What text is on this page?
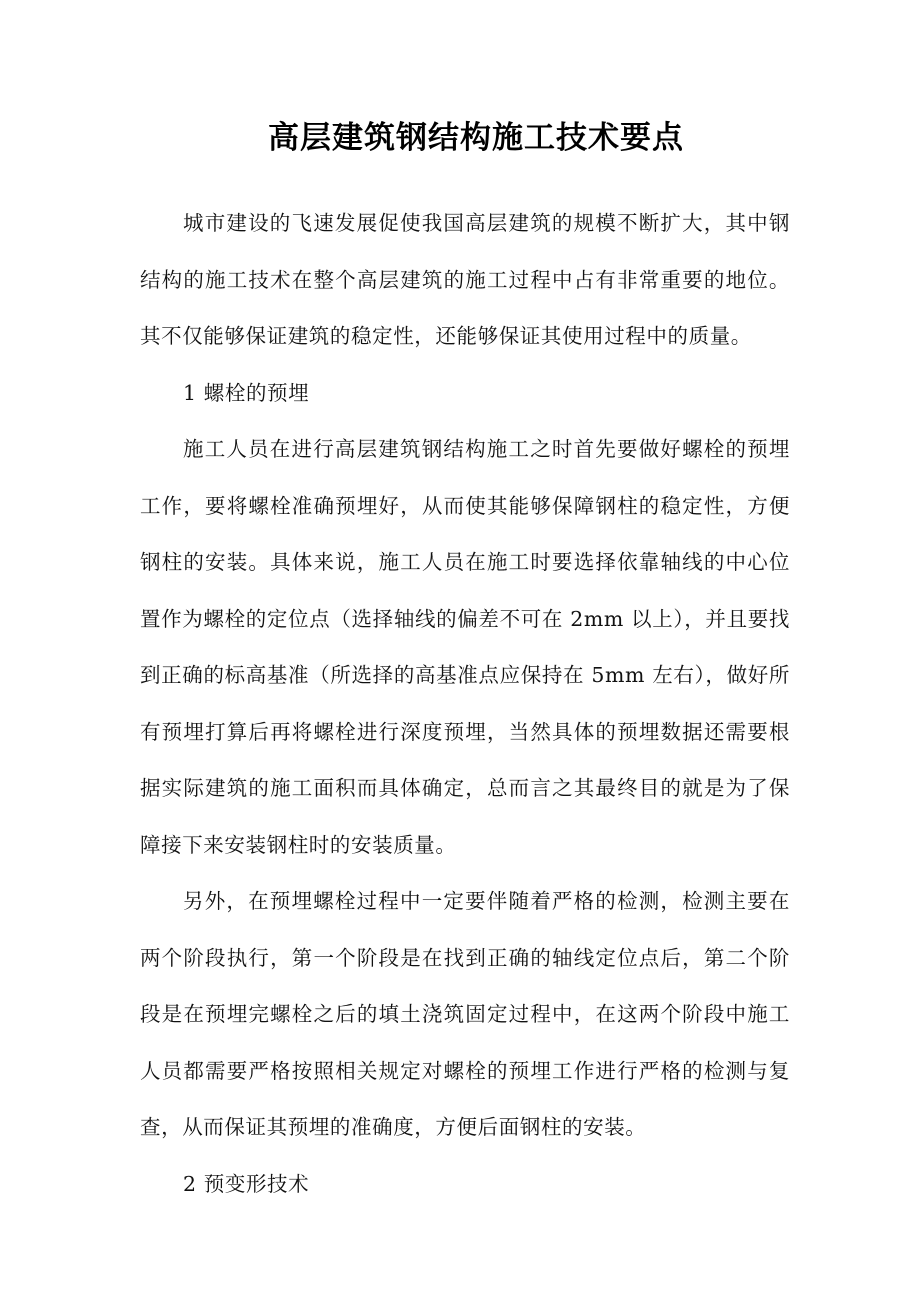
高层建筑钢结构施工技术要点

城市建设的飞速发展促使我国高层建筑的规模不断扩大，其中钢结构的施工技术在整个高层建筑的施工过程中占有非常重要的地位。其不仅能够保证建筑的稳定性，还能够保证其使用过程中的质量。

1 螺栓的预埋

施工人员在进行高层建筑钢结构施工之时首先要做好螺栓的预埋工作，要将螺栓准确预埋好，从而使其能够保障钢柱的稳定性，方便钢柱的安装。具体来说，施工人员在施工时要选择依靠轴线的中心位置作为螺栓的定位点（选择轴线的偏差不可在 2mm 以上），并且要找到正确的标高基准（所选择的高基准点应保持在 5mm 左右），做好所有预埋打算后再将螺栓进行深度预埋，当然具体的预埋数据还需要根据实际建筑的施工面积而具体确定，总而言之其最终目的就是为了保障接下来安装钢柱时的安装质量。

另外，在预埋螺栓过程中一定要伴随着严格的检测，检测主要在两个阶段执行，第一个阶段是在找到正确的轴线定位点后，第二个阶段是在预埋完螺栓之后的填土浇筑固定过程中，在这两个阶段中施工人员都需要严格按照相关规定对螺栓的预埋工作进行严格的检测与复查，从而保证其预埋的准确度，方便后面钢柱的安装。

2 预变形技术
